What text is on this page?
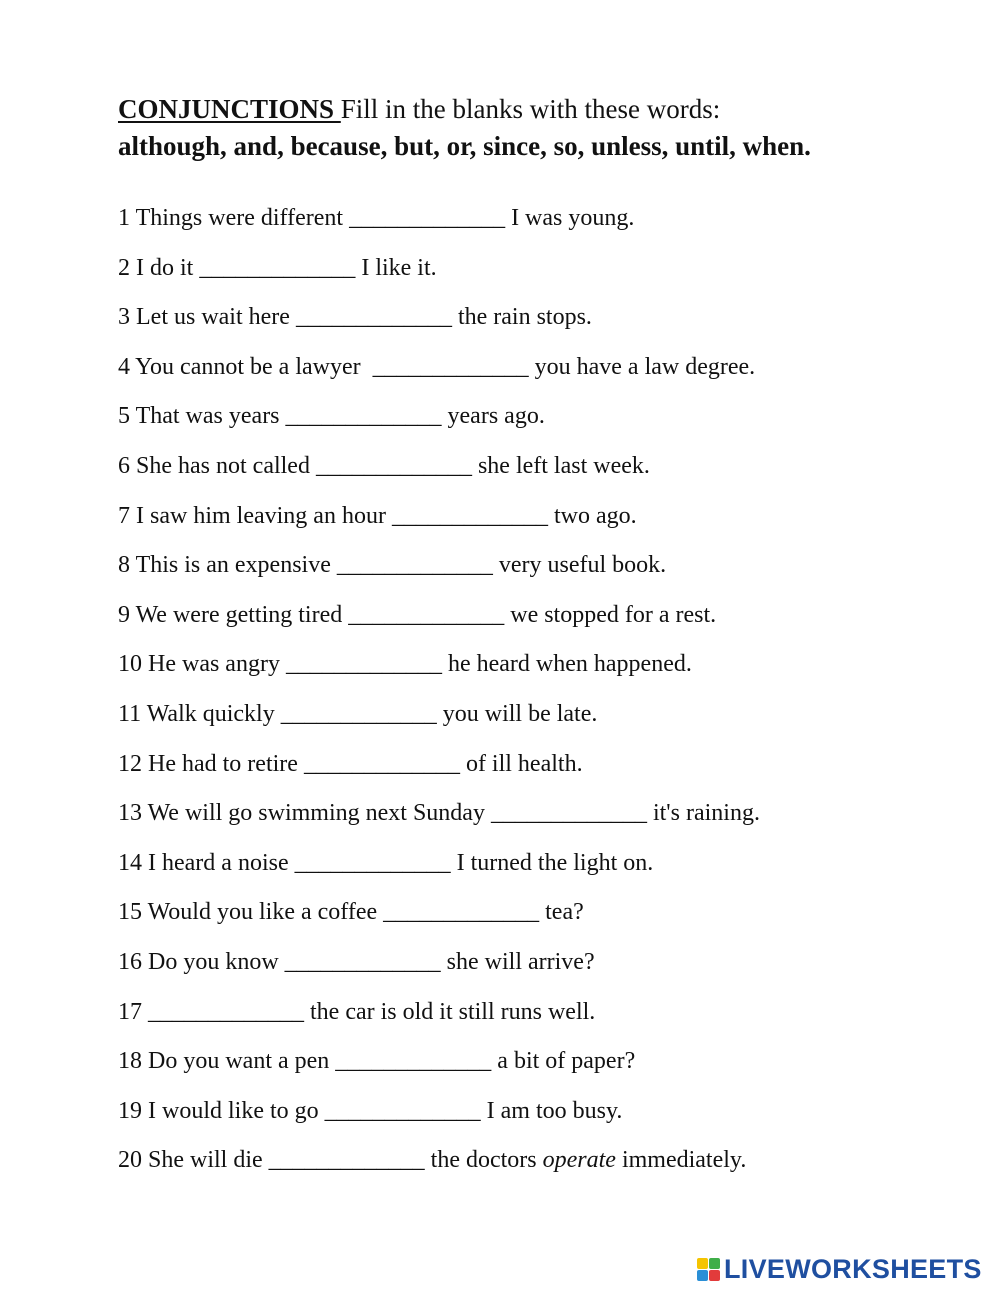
CONJUNCTIONS Fill in the blanks with these words:
although, and, because, but, or, since, so, unless, until, when.
1 Things were different _____________ I was young.
2 I do it _____________ I like it.
3 Let us wait here _____________ the rain stops.
4 You cannot be a lawyer  _____________ you have a law degree.
5 That was years _____________ years ago.
6 She has not called _____________ she left last week.
7 I saw him leaving an hour _____________ two ago.
8 This is an expensive _____________ very useful book.
9 We were getting tired _____________ we stopped for a rest.
10 He was angry _____________ he heard when happened.
11 Walk quickly _____________ you will be late.
12 He had to retire _____________ of ill health.
13 We will go swimming next Sunday _____________ it's raining.
14 I heard a noise _____________ I turned the light on.
15 Would you like a coffee _____________ tea?
16 Do you know _____________ she will arrive?
17 _____________ the car is old it still runs well.
18 Do you want a pen _____________ a bit of paper?
19 I would like to go _____________ I am too busy.
20 She will die _____________ the doctors operate immediately.
LIVEWORKSHEETS
